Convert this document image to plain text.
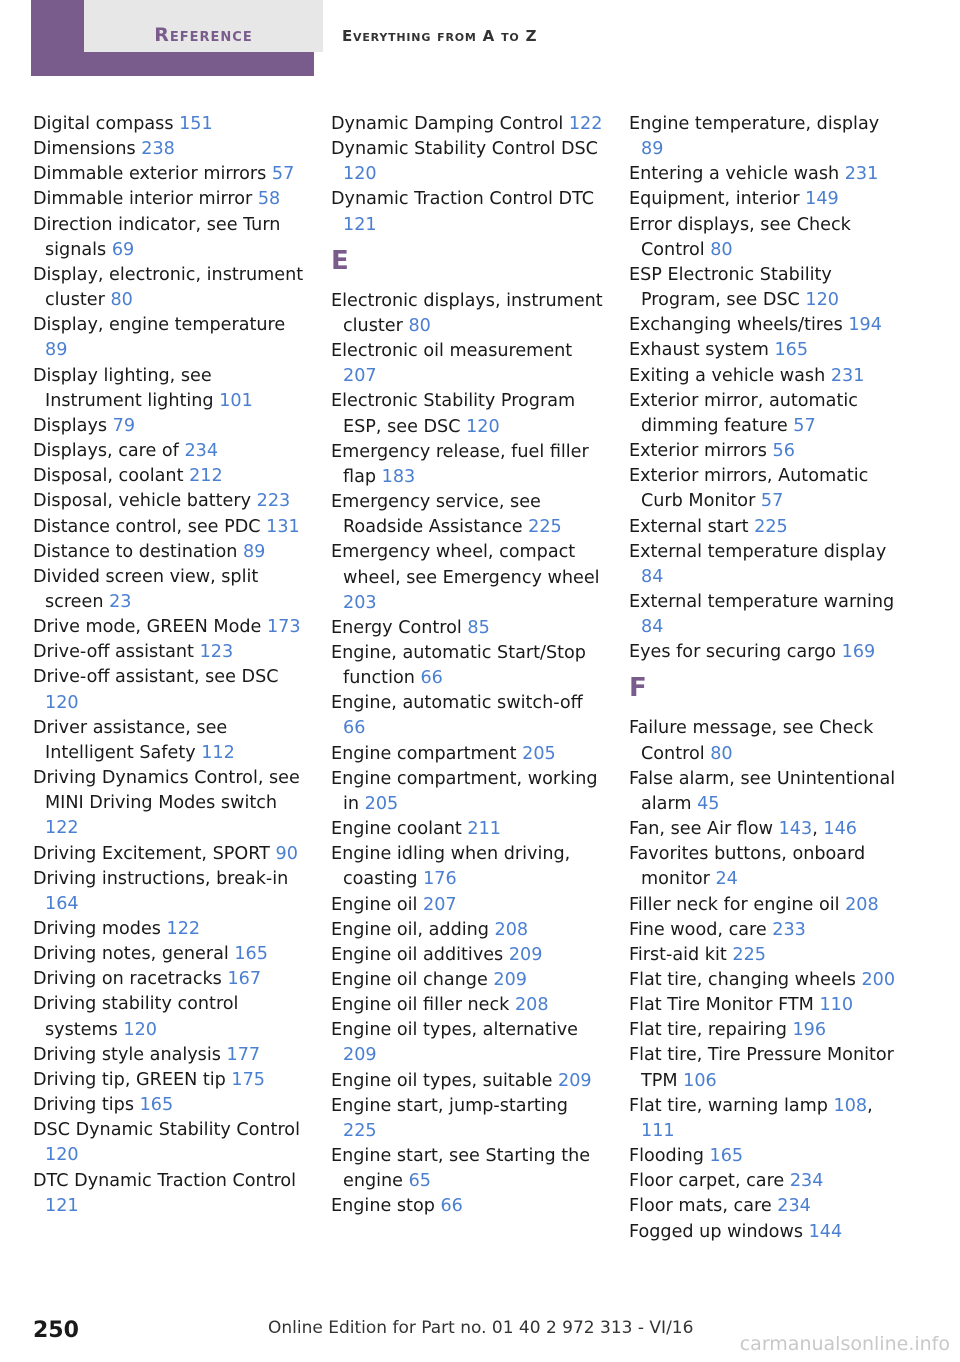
Reference	Everything from A to Z
Digital compass 151
Dimensions 238
Dimmable exterior mirrors 57
Dimmable interior mirror 58
Direction indicator, see Turn signals 69
Display, electronic, instrument cluster 80
Display, engine temperature 89
Display lighting, see Instrument lighting 101
Displays 79
Displays, care of 234
Disposal, coolant 212
Disposal, vehicle battery 223
Distance control, see PDC 131
Distance to destination 89
Divided screen view, split screen 23
Drive mode, GREEN Mode 173
Drive-off assistant 123
Drive-off assistant, see DSC 120
Driver assistance, see Intelligent Safety 112
Driving Dynamics Control, see MINI Driving Modes switch 122
Driving Excitement, SPORT 90
Driving instructions, break-in 164
Driving modes 122
Driving notes, general 165
Driving on racetracks 167
Driving stability control systems 120
Driving style analysis 177
Driving tip, GREEN tip 175
Driving tips 165
DSC Dynamic Stability Control 120
DTC Dynamic Traction Control 121
Dynamic Damping Control 122
Dynamic Stability Control DSC 120
Dynamic Traction Control DTC 121
E
Electronic displays, instrument cluster 80
Electronic oil measurement 207
Electronic Stability Program ESP, see DSC 120
Emergency release, fuel filler flap 183
Emergency service, see Roadside Assistance 225
Emergency wheel, compact wheel, see Emergency wheel 203
Energy Control 85
Engine, automatic Start/Stop function 66
Engine, automatic switch-off 66
Engine compartment 205
Engine compartment, working in 205
Engine coolant 211
Engine idling when driving, coasting 176
Engine oil 207
Engine oil, adding 208
Engine oil additives 209
Engine oil change 209
Engine oil filler neck 208
Engine oil types, alternative 209
Engine oil types, suitable 209
Engine start, jump-starting 225
Engine start, see Starting the engine 65
Engine stop 66
Engine temperature, display 89
Entering a vehicle wash 231
Equipment, interior 149
Error displays, see Check Control 80
ESP Electronic Stability Program, see DSC 120
Exchanging wheels/tires 194
Exhaust system 165
Exiting a vehicle wash 231
Exterior mirror, automatic dimming feature 57
Exterior mirrors 56
Exterior mirrors, Automatic Curb Monitor 57
External start 225
External temperature display 84
External temperature warning 84
Eyes for securing cargo 169
F
Failure message, see Check Control 80
False alarm, see Unintentional alarm 45
Fan, see Air flow 143, 146
Favorites buttons, onboard monitor 24
Filler neck for engine oil 208
Fine wood, care 233
First-aid kit 225
Flat tire, changing wheels 200
Flat Tire Monitor FTM 110
Flat tire, repairing 196
Flat tire, Tire Pressure Monitor TPM 106
Flat tire, warning lamp 108, 111
Flooding 165
Floor carpet, care 234
Floor mats, care 234
Fogged up windows 144
250	Online Edition for Part no. 01 40 2 972 313 - VI/16
carmanualsonline.info
